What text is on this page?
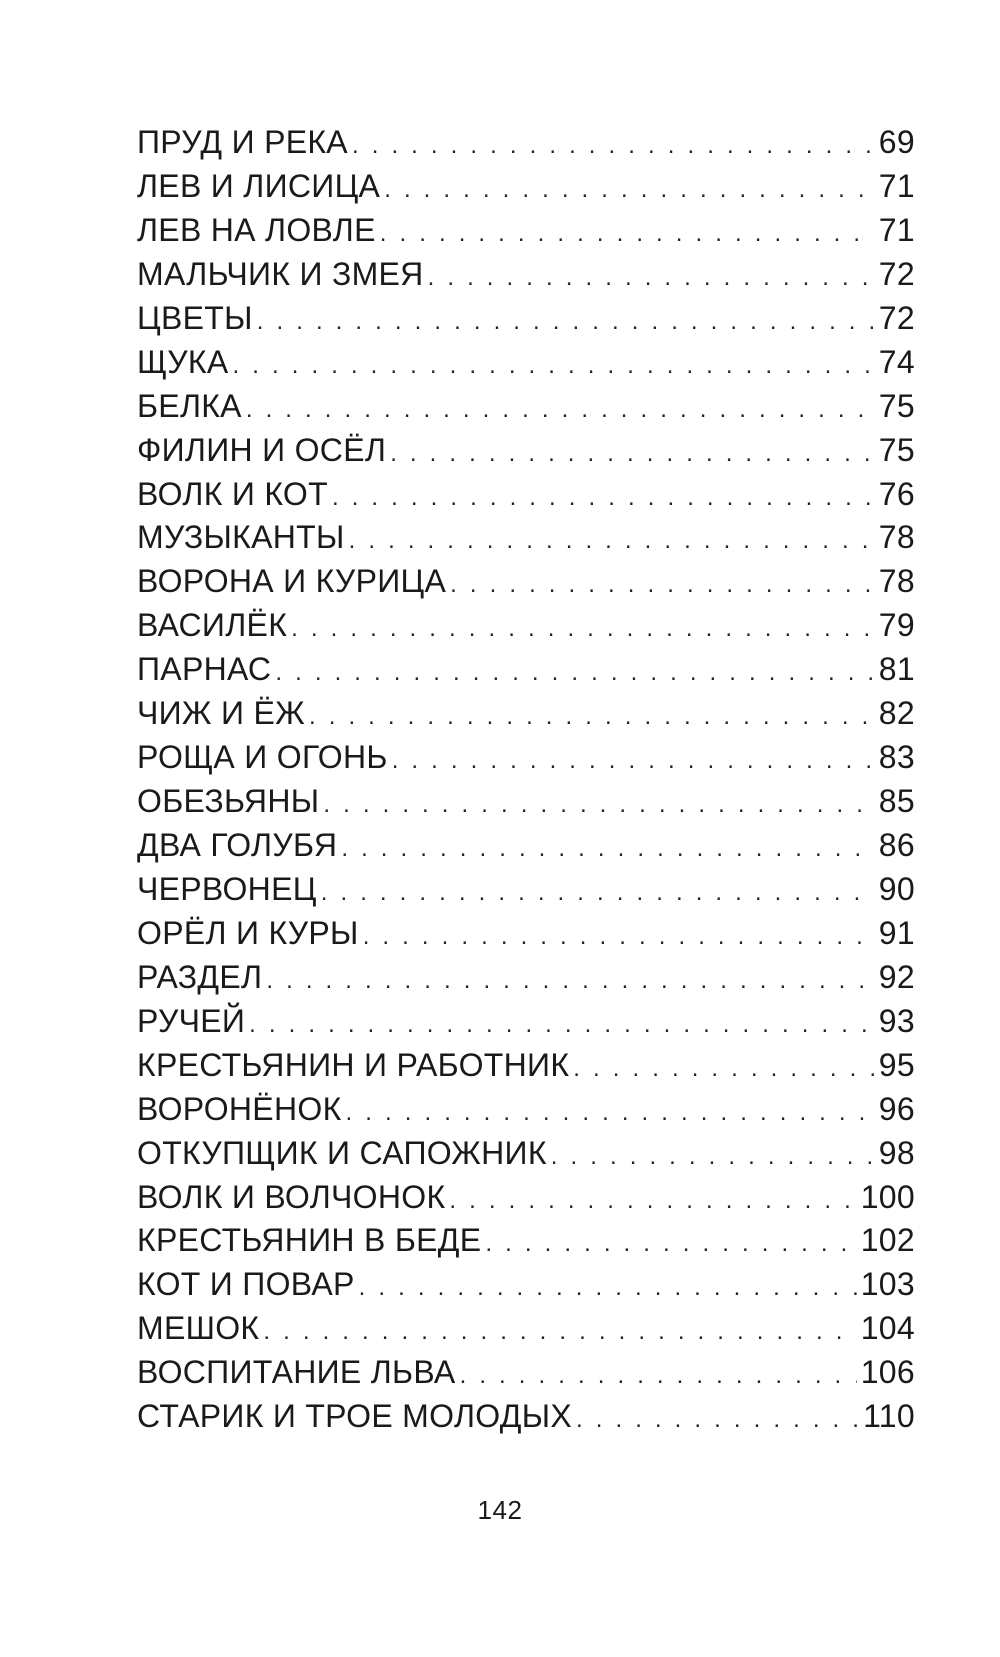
ПРУД И РЕКА . . .	69
ЛЕВ И ЛИСИЦА . . .	71
ЛЕВ НА ЛОВЛЕ . . .	71
МАЛЬЧИК И ЗМЕЯ . . .	72
ЦВЕТЫ . . .	72
ЩУКА . . .	74
БЕЛКА . . .	75
ФИЛИН И ОСЁЛ . . .	75
ВОЛК И КОТ . . .	76
МУЗЫКАНТЫ . . .	78
ВОРОНА И КУРИЦА . . .	78
ВАСИЛЁК . . .	79
ПАРНАС . . .	81
ЧИЖ И ЁЖ . . .	82
РОЩА И ОГОНЬ . . .	83
ОБЕЗЬЯНЫ . . .	85
ДВА ГОЛУБЯ . . .	86
ЧЕРВОНЕЦ . . .	90
ОРЁЛ И КУРЫ . . .	91
РАЗДЕЛ . . .	92
РУЧЕЙ . . .	93
КРЕСТЬЯНИН И РАБОТНИК . . .	95
ВОРОНЁНОК . . .	96
ОТКУПЩИК И САПОЖНИК . . .	98
ВОЛК И ВОЛЧОНОК . . .	100
КРЕСТЬЯНИН В БЕДЕ . . .	102
КОТ И ПОВАР . . .	103
МЕШОК . . .	104
ВОСПИТАНИЕ ЛЬВА . . .	106
СТАРИК И ТРОЕ МОЛОДЫХ . . .	110
142
